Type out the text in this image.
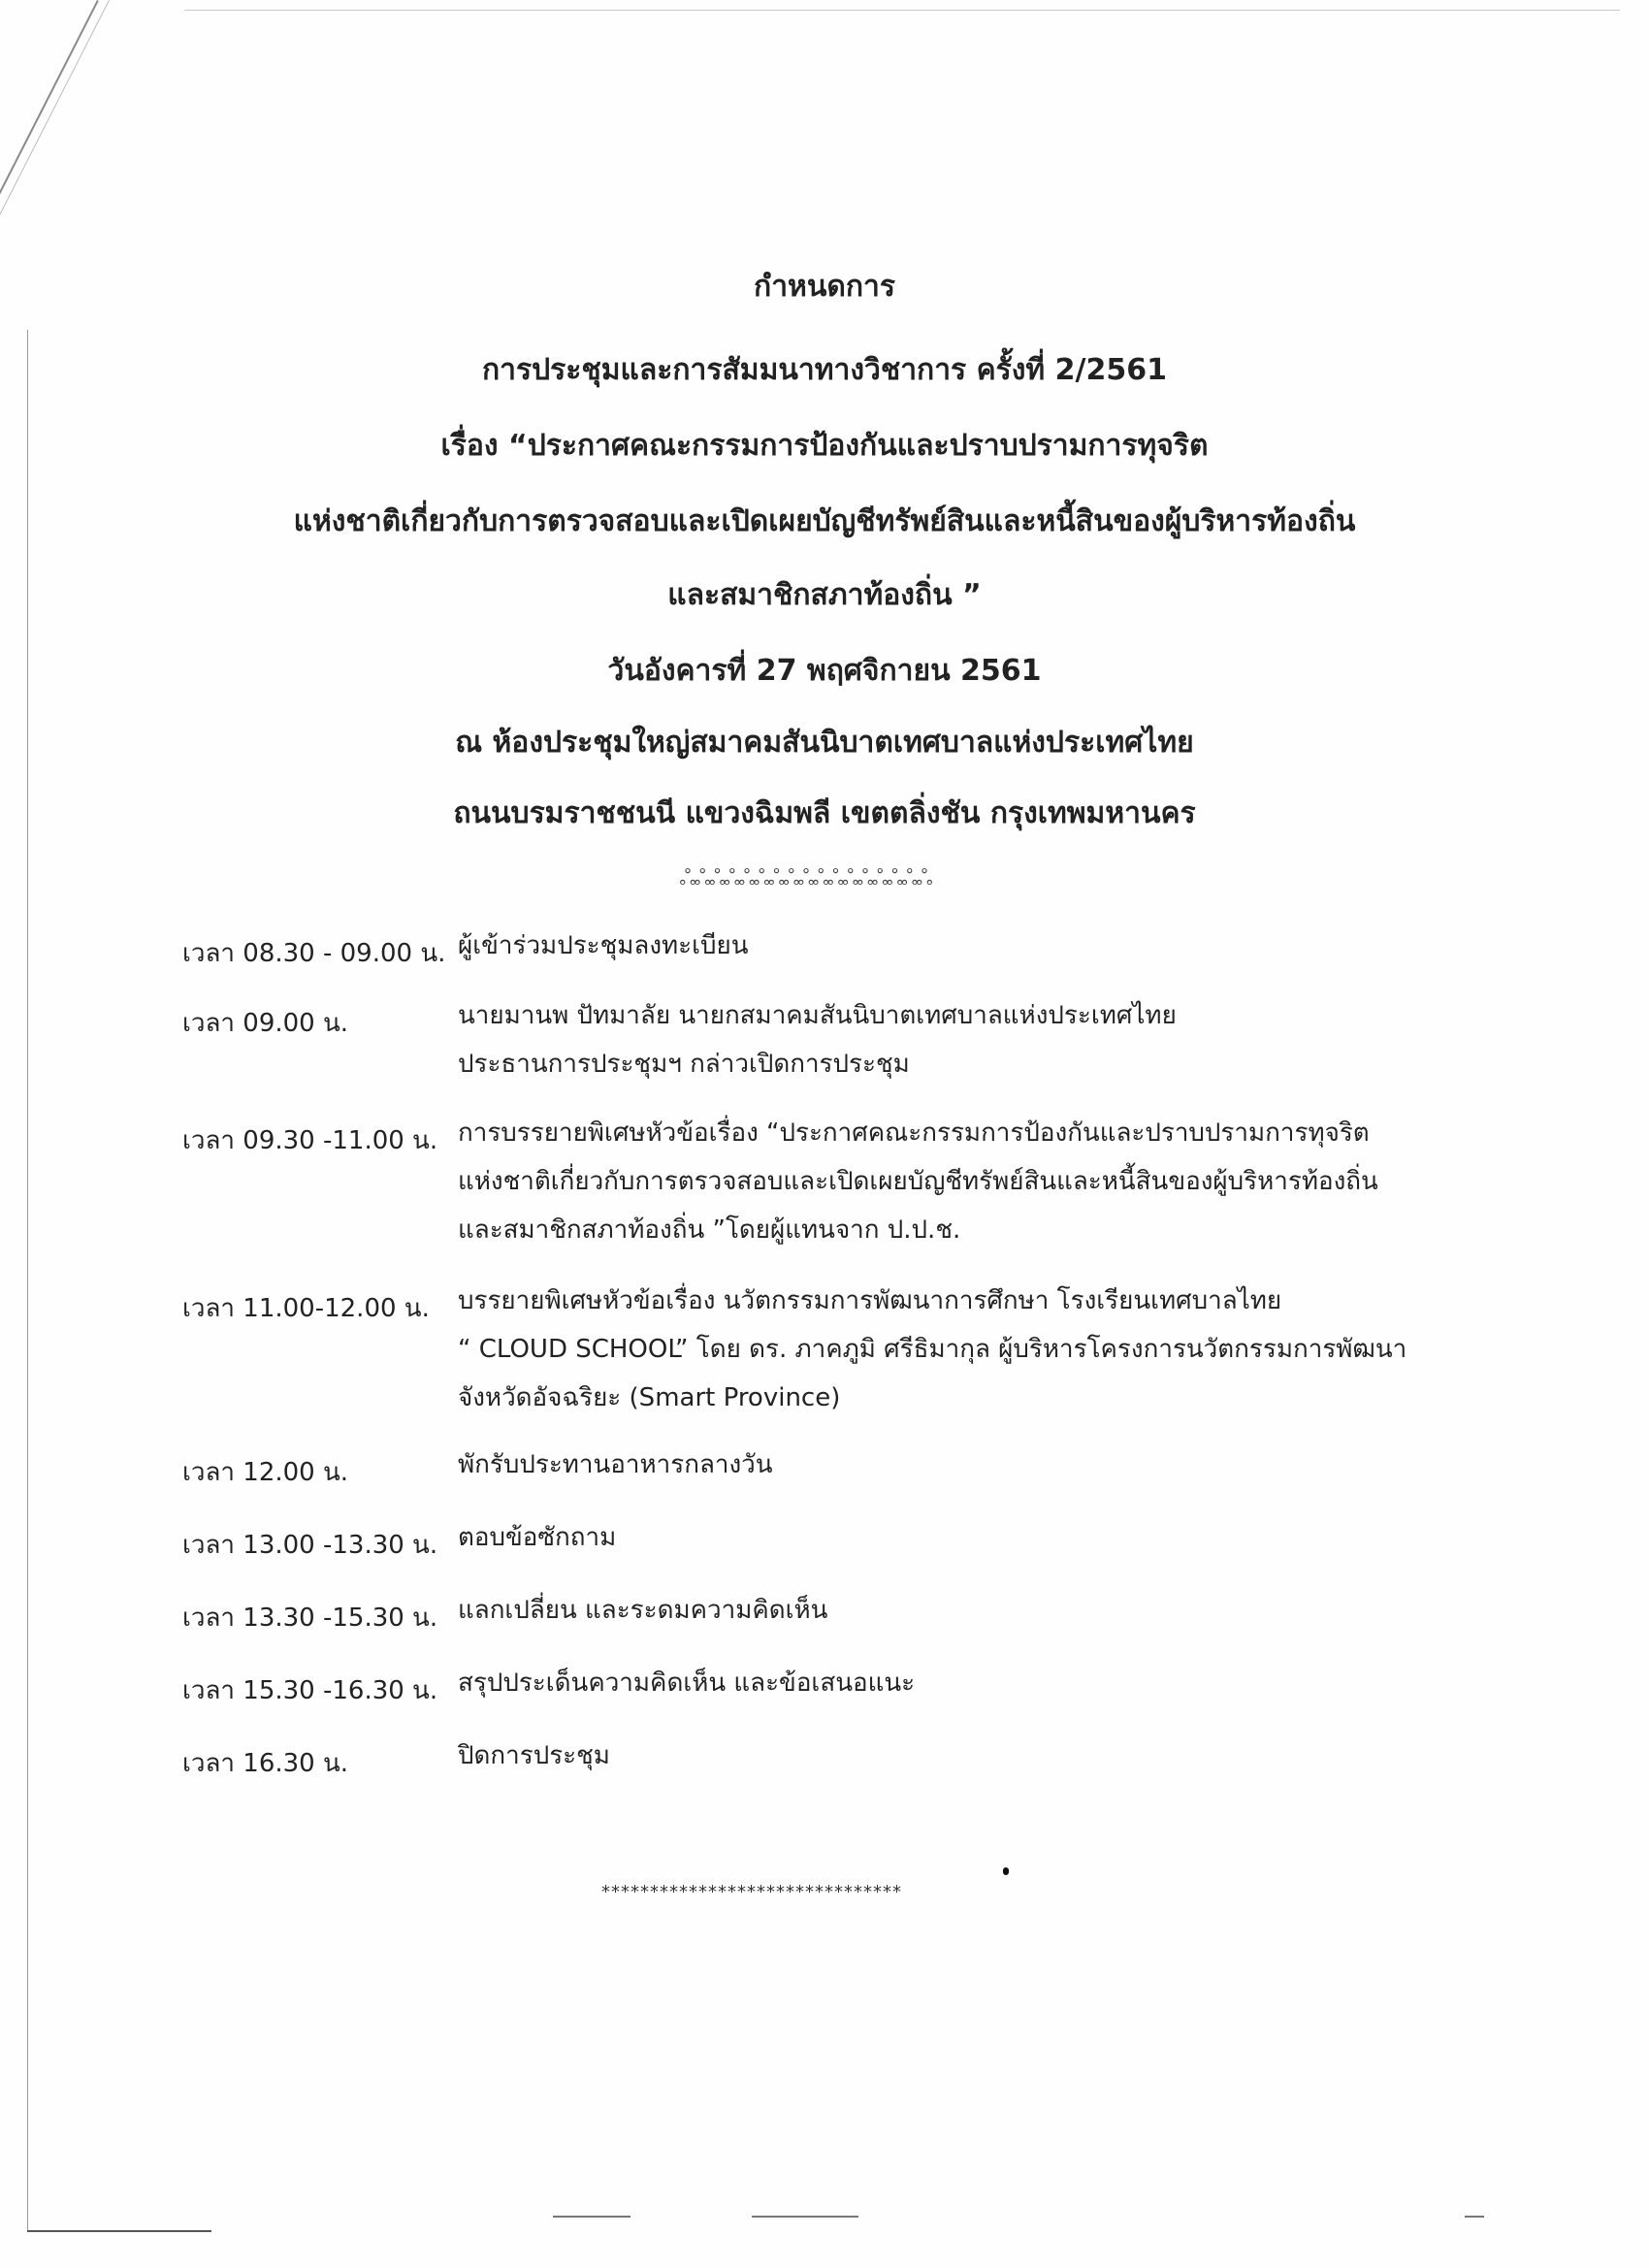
กำหนดการ
การประชุมและการสัมมนาทางวิชาการ ครั้งที่ 2/2561
เรื่อง “ประกาศคณะกรรมการป้องกันและปราบปรามการทุจริต
แห่งชาติเกี่ยวกับการตรวจสอบและเปิดเผยบัญชีทรัพย์สินและหนี้สินของผู้บริหารท้องถิ่น
และสมาชิกสภาท้องถิ่น ”
วันอังคารที่ 27 พฤศจิกายน 2561
ณ ห้องประชุมใหญ่สมาคมสันนิบาตเทศบาลแห่งประเทศไทย
ถนนบรมราชชนนี แขวงฉิมพลี เขตตลิ่งชัน กรุงเทพมหานคร
ஃஃஃஃஃஃஃஃஃஃஃஃஃஃஃஃஃ
เวลา 08.30 - 09.00 น. ผู้เข้าร่วมประชุมลงทะเบียน
เวลา 09.00 น.	นายมานพ ปัทมาลัย นายกสมาคมสันนิบาตเทศบาลแห่งประเทศไทย
ประธานการประชุมฯ กล่าวเปิดการประชุม
เวลา 09.30 -11.00 น. การบรรยายพิเศษหัวข้อเรื่อง “ประกาศคณะกรรมการป้องกันและปราบปรามการทุจริต
แห่งชาติเกี่ยวกับการตรวจสอบและเปิดเผยบัญชีทรัพย์สินและหนี้สินของผู้บริหารท้องถิ่น
และสมาชิกสภาท้องถิ่น ”โดยผู้แทนจาก ป.ป.ช.
เวลา 11.00-12.00 น. บรรยายพิเศษหัวข้อเรื่อง นวัตกรรมการพัฒนาการศึกษา โรงเรียนเทศบาลไทย
“ CLOUD SCHOOL” โดย ดร. ภาคภูมิ ศรีธิมากุล ผู้บริหารโครงการนวัตกรรมการพัฒนา
จังหวัดอัจฉริยะ (Smart Province)
เวลา 12.00 น.	พักรับประทานอาหารกลางวัน
เวลา 13.00 -13.30 น. ตอบข้อซักถาม
เวลา 13.30 -15.30 น. แลกเปลี่ยน และระดมความคิดเห็น
เวลา 15.30 -16.30 น. สรุปประเด็นความคิดเห็น และข้อเสนอแนะ
เวลา 16.30 น.	ปิดการประชุม
*******************************
